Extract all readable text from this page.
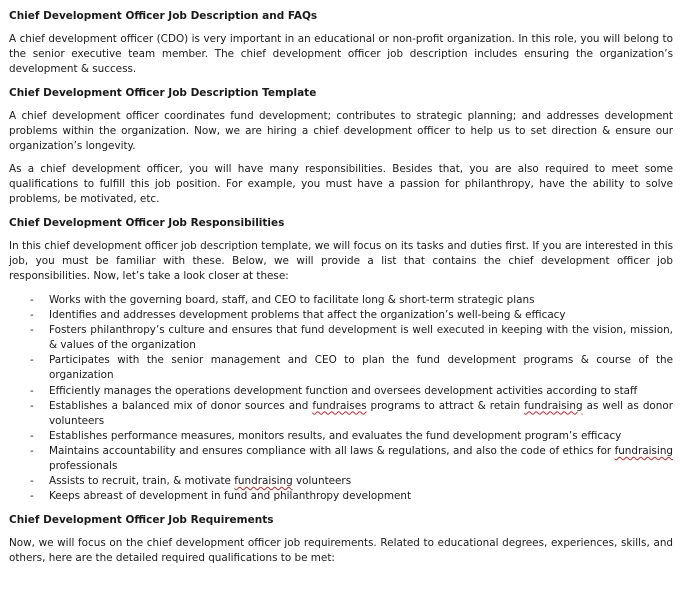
Chief Development Officer Job Description and FAQs

A chief development officer (CDO) is very important in an educational or non-profit organization. In this role, you will belong to the senior executive team member. The chief development officer job description includes ensuring the organization’s development & success.

Chief Development Officer Job Description Template

A chief development officer coordinates fund development; contributes to strategic planning; and addresses development problems within the organization. Now, we are hiring a chief development officer to help us to set direction & ensure our organization’s longevity.

As a chief development officer, you will have many responsibilities. Besides that, you are also required to meet some qualifications to fulfill this job position. For example, you must have a passion for philanthropy, have the ability to solve problems, be motivated, etc.

Chief Development Officer Job Responsibilities

In this chief development officer job description template, we will focus on its tasks and duties first. If you are interested in this job, you must be familiar with these. Below, we will provide a list that contains the chief development officer job responsibilities. Now, let’s take a look closer at these:

- Works with the governing board, staff, and CEO to facilitate long & short-term strategic plans
- Identifies and addresses development problems that affect the organization’s well-being & efficacy
- Fosters philanthropy’s culture and ensures that fund development is well executed in keeping with the vision, mission, & values of the organization
- Participates with the senior management and CEO to plan the fund development programs & course of the organization
- Efficiently manages the operations development function and oversees development activities according to staff
- Establishes a balanced mix of donor sources and fundraises programs to attract & retain fundraising as well as donor volunteers
- Establishes performance measures, monitors results, and evaluates the fund development program’s efficacy
- Maintains accountability and ensures compliance with all laws & regulations, and also the code of ethics for fundraising professionals
- Assists to recruit, train, & motivate fundraising volunteers
- Keeps abreast of development in fund and philanthropy development

Chief Development Officer Job Requirements

Now, we will focus on the chief development officer job requirements. Related to educational degrees, experiences, skills, and others, here are the detailed required qualifications to be met:
